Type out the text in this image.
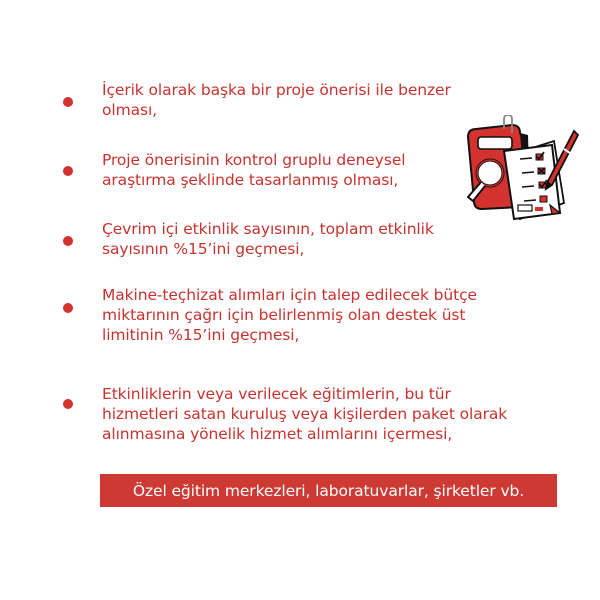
İçerik olarak başka bir proje önerisi ile benzer
olması,
Proje önerisinin kontrol gruplu deneysel
araştırma şeklinde tasarlanmış olması,
Çevrim içi etkinlik sayısının, toplam etkinlik
sayısının %15’ini geçmesi,
Makine-teçhizat alımları için talep edilecek bütçe
miktarının çağrı için belirlenmiş olan destek üst
limitinin %15’ini geçmesi,
Etkinliklerin veya verilecek eğitimlerin, bu tür
hizmetleri satan kuruluş veya kişilerden paket olarak
alınmasına yönelik hizmet alımlarını içermesi,
Özel eğitim merkezleri, laboratuvarlar, şirketler vb.
